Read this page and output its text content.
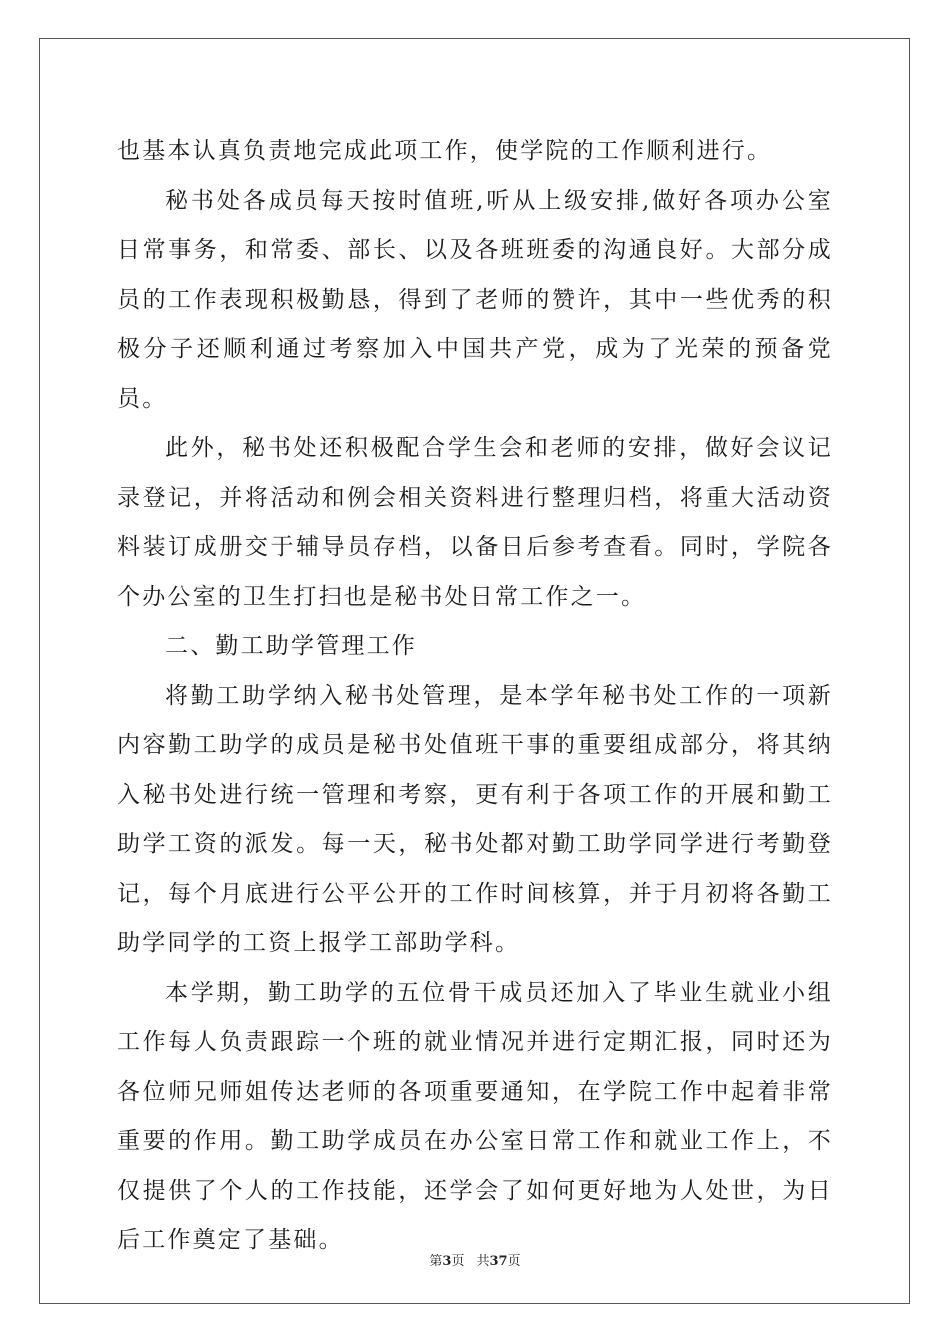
也基本认真负责地完成此项工作，使学院的工作顺利进行。

秘书处各成员每天按时值班,听从上级安排,做好各项办公室日常事务，和常委、部长、以及各班班委的沟通良好。大部分成员的工作表现积极勤恳，得到了老师的赞许，其中一些优秀的积极分子还顺利通过考察加入中国共产党，成为了光荣的预备党员。

此外，秘书处还积极配合学生会和老师的安排，做好会议记录登记，并将活动和例会相关资料进行整理归档，将重大活动资料装订成册交于辅导员存档，以备日后参考查看。同时，学院各个办公室的卫生打扫也是秘书处日常工作之一。

二、勤工助学管理工作

将勤工助学纳入秘书处管理，是本学年秘书处工作的一项新内容勤工助学的成员是秘书处值班干事的重要组成部分，将其纳入秘书处进行统一管理和考察，更有利于各项工作的开展和勤工助学工资的派发。每一天，秘书处都对勤工助学同学进行考勤登记，每个月底进行公平公开的工作时间核算，并于月初将各勤工助学同学的工资上报学工部助学科。

本学期，勤工助学的五位骨干成员还加入了毕业生就业小组工作每人负责跟踪一个班的就业情况并进行定期汇报，同时还为各位师兄师姐传达老师的各项重要通知，在学院工作中起着非常重要的作用。勤工助学成员在办公室日常工作和就业工作上，不仅提供了个人的工作技能，还学会了如何更好地为人处世，为日后工作奠定了基础。

第3页 共37页
